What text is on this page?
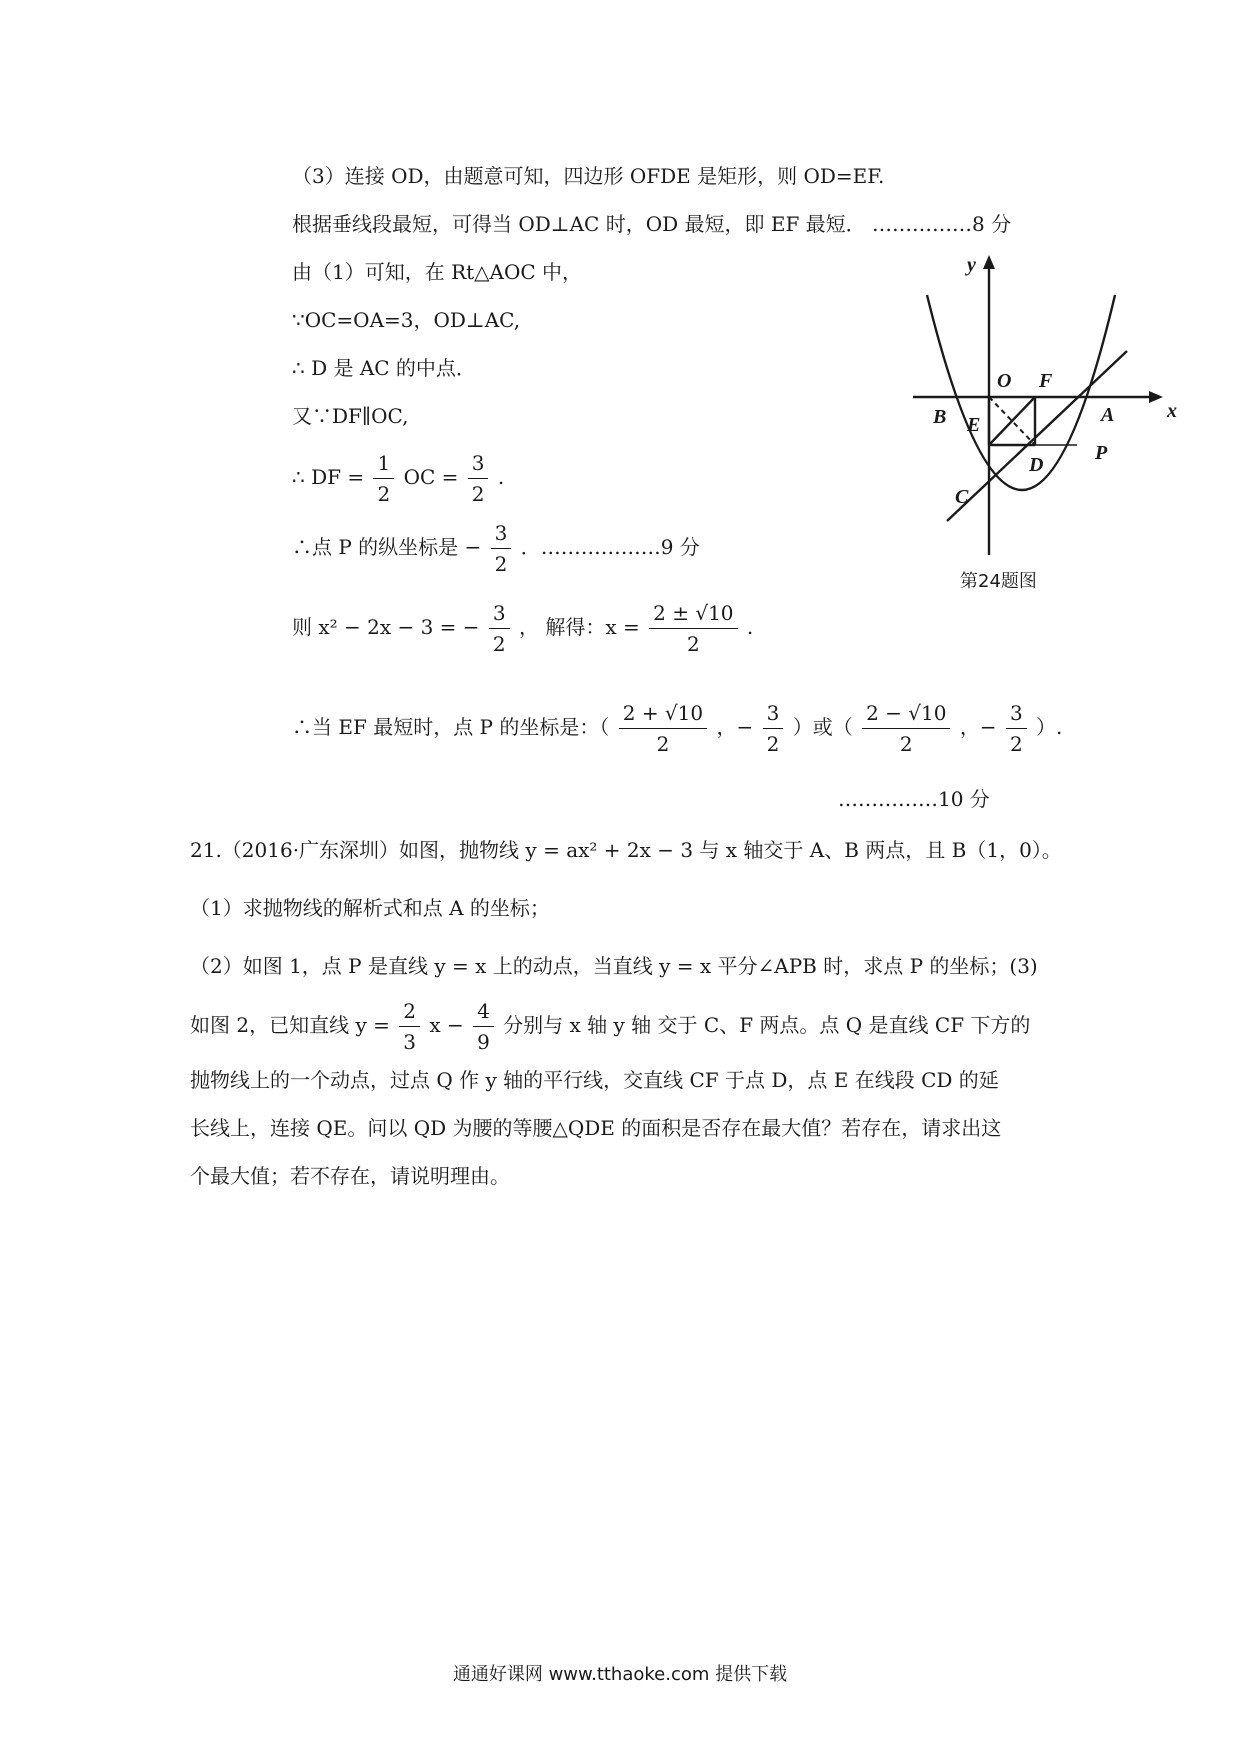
（3）连接 OD，由题意可知，四边形 OFDE 是矩形，则 OD=EF.
根据垂线段最短，可得当 OD⊥AC 时，OD 最短，即 EF 最短． ……………8 分
由（1）可知，在 Rt△AOC 中，
∵OC=OA=3，OD⊥AC,
∴ D 是 AC 的中点．
又∵DF∥OC,
∴ DF = $\frac{1}{2}$ OC = $\frac{3}{2}$ .
∴点 P 的纵坐标是 − $\frac{3}{2}$ ．………………9 分
则 x² − 2x − 3 = − $\frac{3}{2}$ ， 解得：$x = \frac{2 \pm √10}{2}$ .
∴当 EF 最短时，点 P 的坐标是：（ $\frac{2 + √10}{2}$ ，− $\frac{3}{2}$ ）或（ $\frac{2 - √10}{2}$ ，− $\frac{3}{2}$ ）.
……………10 分
y
x
O F
B E	A
P
D
C
第24题图
21.（2016·广东深圳）如图，抛物线 y = ax² + 2x − 3 与 x 轴交于 A、B 两点，且 B（1，0）。
（1）求抛物线的解析式和点 A 的坐标；
（2）如图 1，点 P 是直线 y = x 上的动点，当直线 y = x 平分∠APB 时，求点 P 的坐标；(3)
如图 2，已知直线 $y = \frac{2}{3}$ $x - \frac{4}{9}$ 分别与 x 轴 y 轴 交于 C、F 两点。点 Q 是直线 CF 下方的
抛物线上的一个动点，过点 Q 作 y 轴的平行线，交直线 CF 于点 D，点 E 在线段 CD 的延
长线上，连接 QE。问以 QD 为腰的等腰△QDE 的面积是否存在最大值？若存在，请求出这
个最大值；若不存在，请说明理由。
通通好课网 www.tthaoke.com 提供下载
